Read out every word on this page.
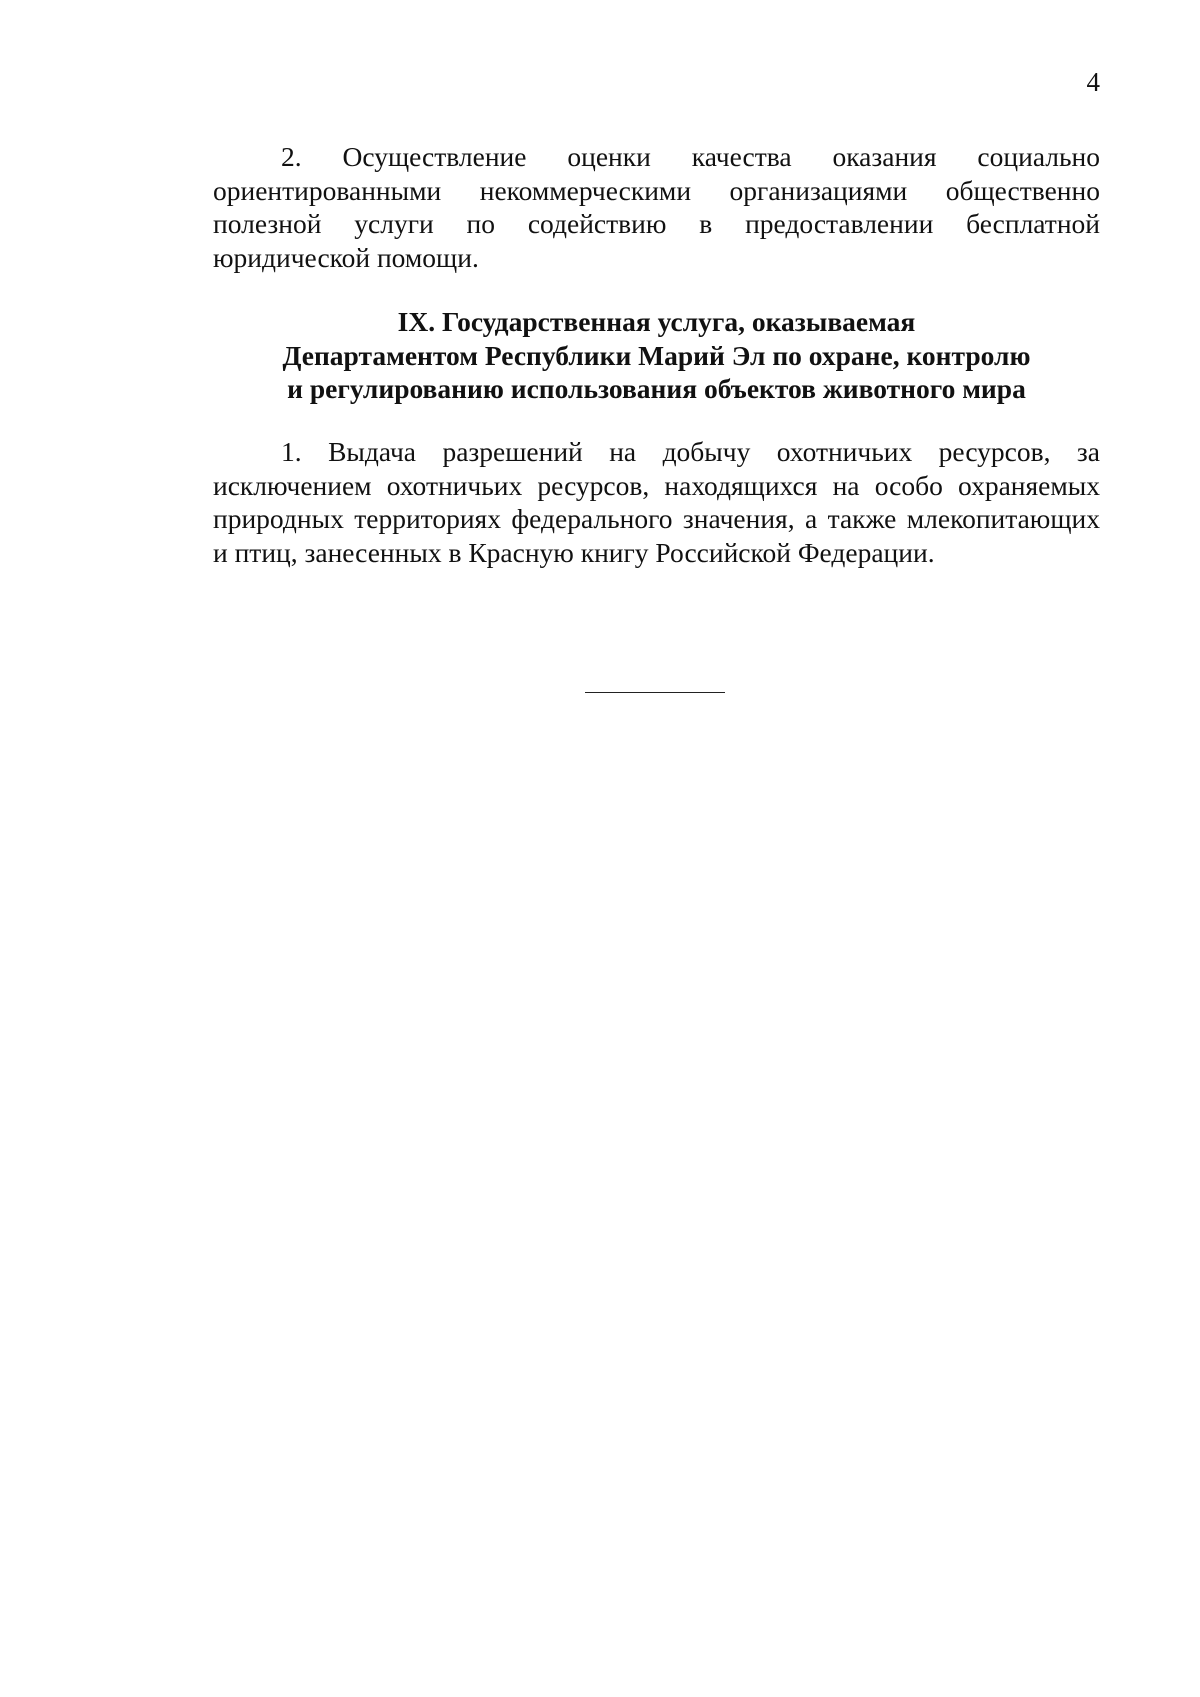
4

2. Осуществление оценки качества оказания социально ориентированными некоммерческими организациями общественно полезной услуги по содействию в предоставлении бесплатной юридической помощи.

IX. Государственная услуга, оказываемая
Департаментом Республики Марий Эл по охране, контролю
и регулированию использования объектов животного мира

1. Выдача разрешений на добычу охотничьих ресурсов, за исключением охотничьих ресурсов, находящихся на особо охраняемых природных территориях федерального значения, а также млекопитающих и птиц, занесенных в Красную книгу Российской Федерации.
